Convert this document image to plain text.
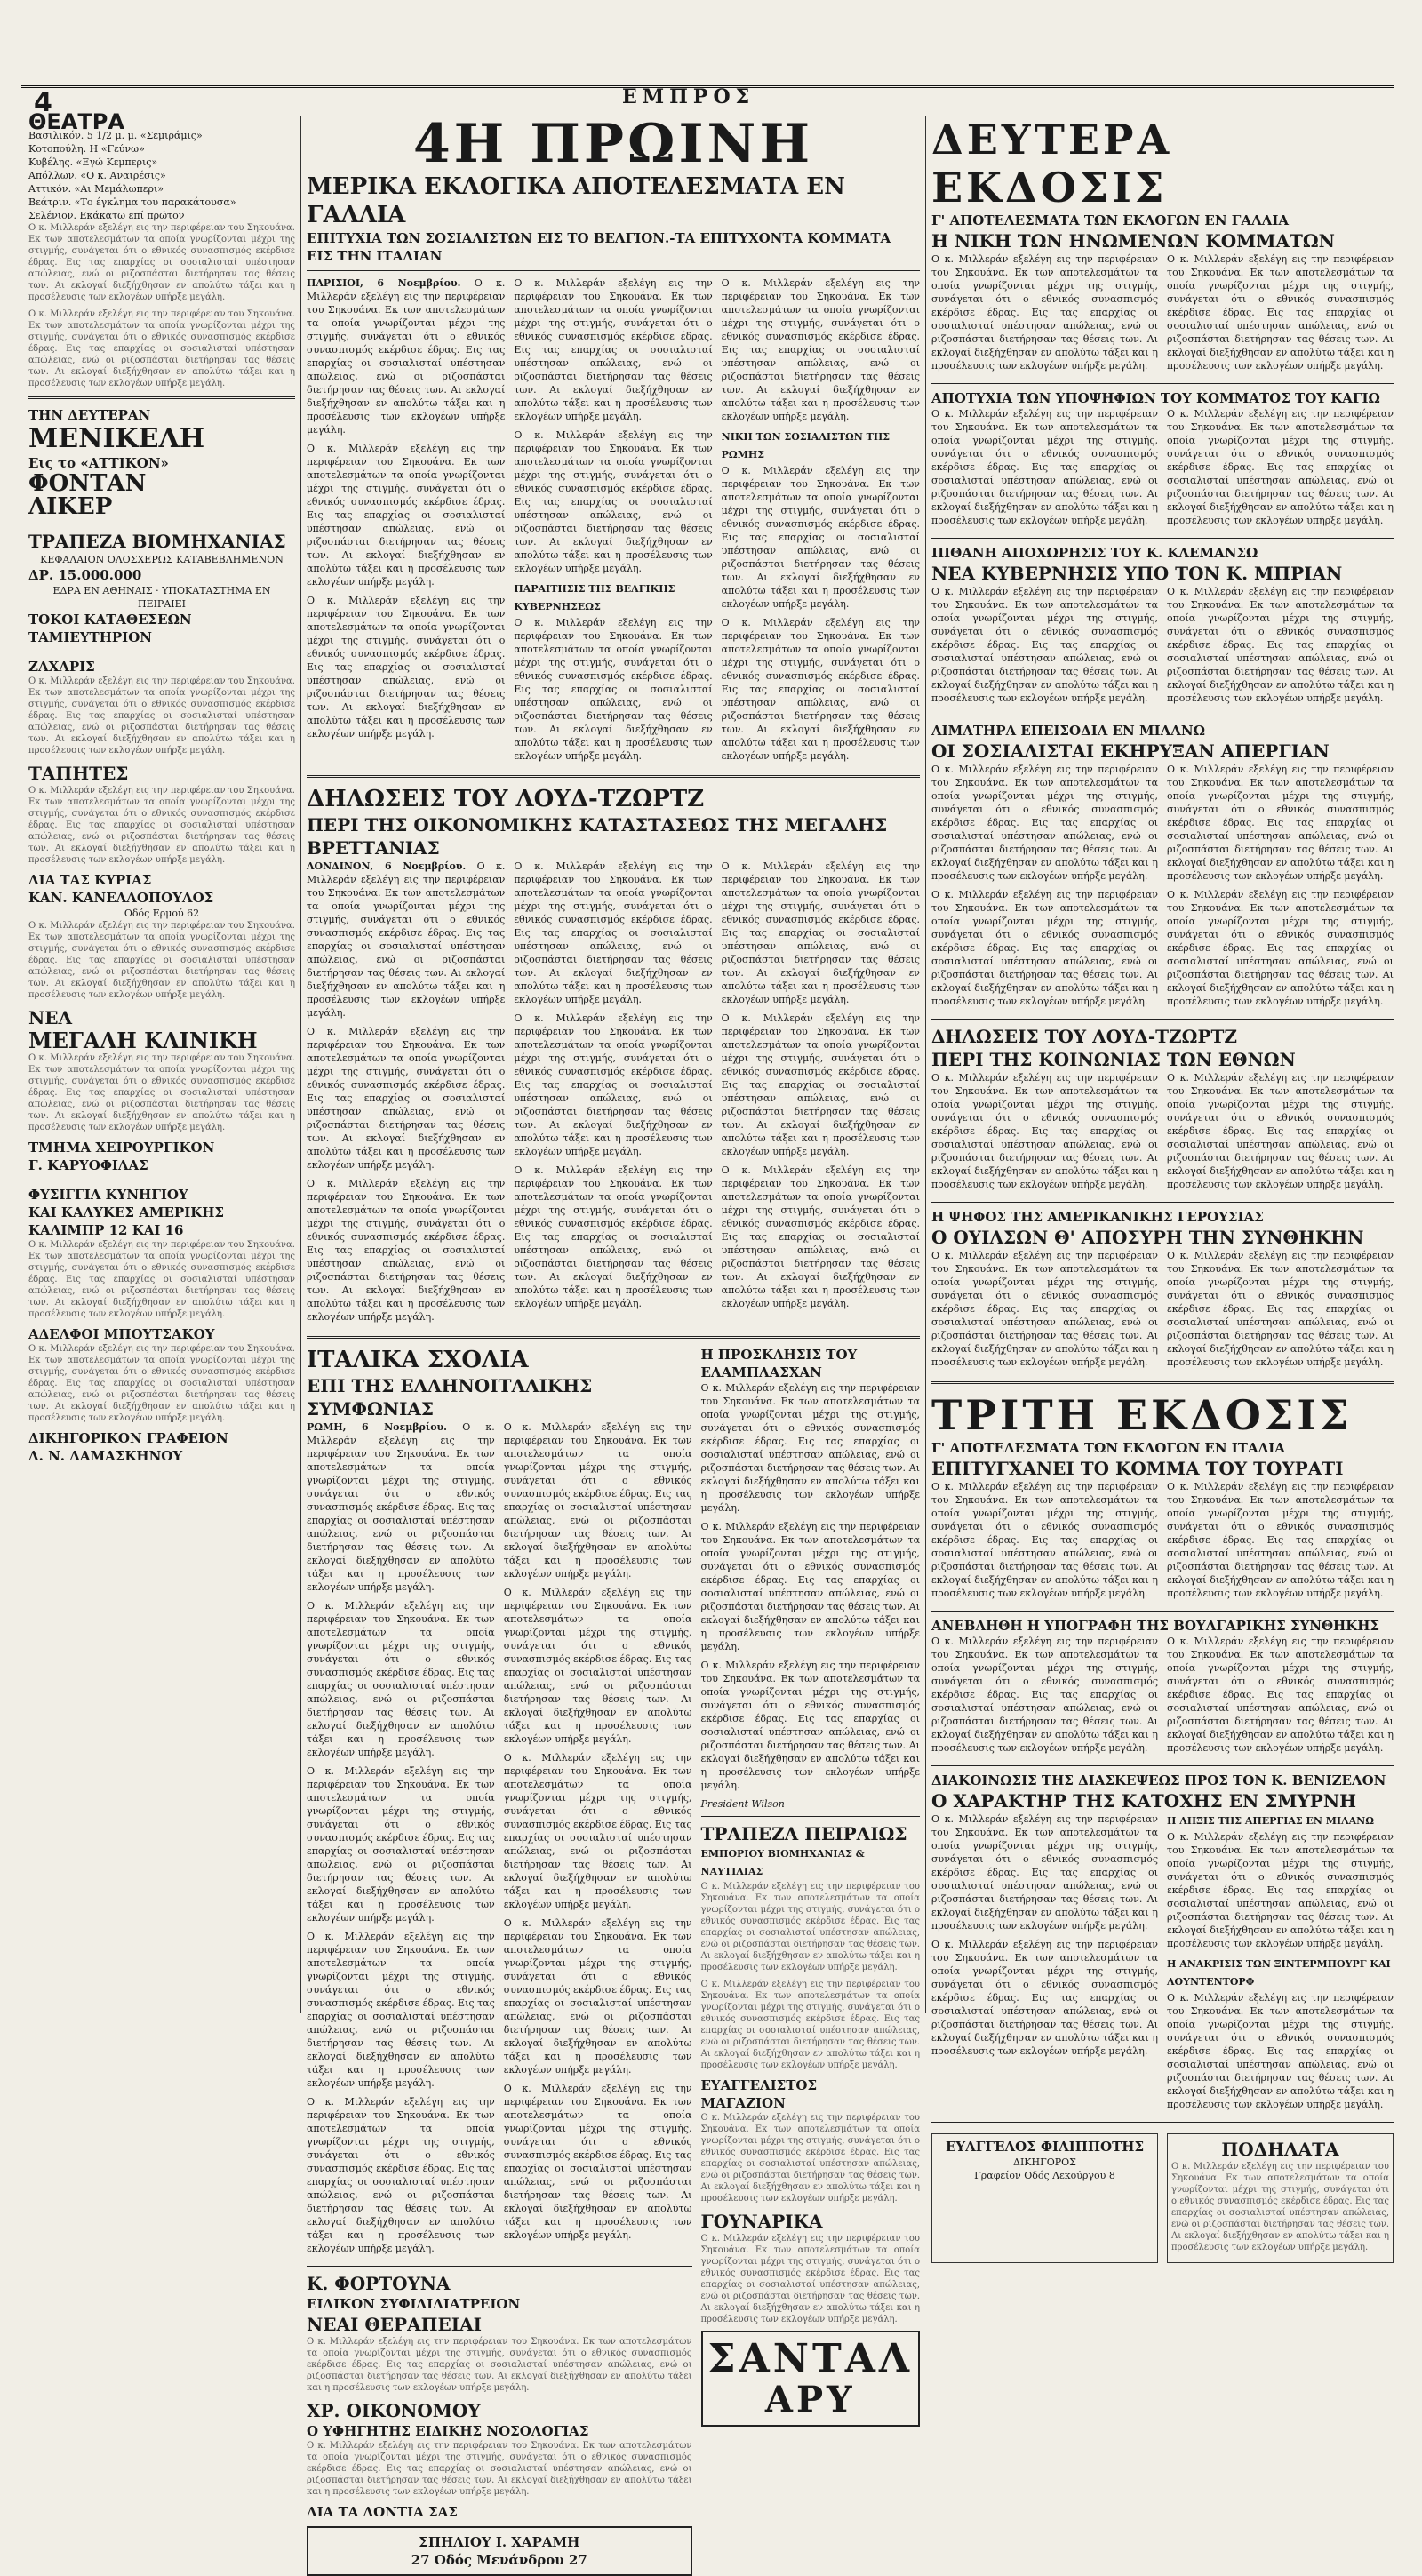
4	ΕΜΠΡΟΣ
ΘΕΑΤΡΑ
Βασιλικόν. 5 1/2 μ. μ. «Σεμιράμις»
Κοτοπούλη. Η «Γεύνω»
Κυβέλης. «Εγώ Κεμπερις»
Απόλλων. «Ο κ. Αναιρέσις»
Αττικόν. «Αι Μεμάλωπερι»
Βεάτριν. «Το έγκλημα του παρακάτουσα»
Σελένιον. Εκάκατω επί πρώτον

Ο κ. Μιλλεράν εξελέγη εις την περιφέρειαν του Σηκουάνα. Εκ των αποτελεσμάτων τα οποία γνωρίζονται μέχρι της στιγμής, συνάγεται ότι ο εθνικός συνασπισμός εκέρδισε έδρας. Εις τας επαρχίας οι σοσιαλισταί υπέστησαν απώλειας, ενώ οι ριζοσπάσται διετήρησαν τας θέσεις των. Αι εκλογαί διεξήχθησαν εν απολύτω τάξει και η προσέλευσις των εκλογέων υπήρξε μεγάλη.

Ο κ. Μιλλεράν εξελέγη εις την περιφέρειαν του Σηκουάνα. Εκ των αποτελεσμάτων τα οποία γνωρίζονται μέχρι της στιγμής, συνάγεται ότι ο εθνικός συνασπισμός εκέρδισε έδρας. Εις τας επαρχίας οι σοσιαλισταί υπέστησαν απώλειας, ενώ οι ριζοσπάσται διετήρησαν τας θέσεις των. Αι εκλογαί διεξήχθησαν εν απολύτω τάξει και η προσέλευσις των εκλογέων υπήρξε μεγάλη.

ΤΗΝ ΔΕΥΤΕΡΑΝ
ΜΕΝΙΚΕΛΗ
Εις το «ΑΤΤΙΚΟΝ»
ΦΟΝΤΑΝ
ΛΙΚΕΡ
ΤΡΑΠΕΖΑ ΒΙΟΜΗΧΑΝΙΑΣ
ΚΕΦΑΛΑΙΟΝ ΟΛΟΣΧΕΡΩΣ ΚΑΤΑΒΕΒΛΗΜΕΝΟΝ
ΔΡ. 15.000.000
ΕΔΡΑ ΕΝ ΑΘΗΝΑΙΣ · ΥΠΟΚΑΤΑΣΤΗΜΑ ΕΝ ΠΕΙΡΑΙΕΙ
ΤΟΚΟΙ ΚΑΤΑΘΕΣΕΩΝ
ΤΑΜΙΕΥΤΗΡΙΟΝ
ΖΑΧΑΡΙΣ

Ο κ. Μιλλεράν εξελέγη εις την περιφέρειαν του Σηκουάνα. Εκ των αποτελεσμάτων τα οποία γνωρίζονται μέχρι της στιγμής, συνάγεται ότι ο εθνικός συνασπισμός εκέρδισε έδρας. Εις τας επαρχίας οι σοσιαλισταί υπέστησαν απώλειας, ενώ οι ριζοσπάσται διετήρησαν τας θέσεις των. Αι εκλογαί διεξήχθησαν εν απολύτω τάξει και η προσέλευσις των εκλογέων υπήρξε μεγάλη.

ΤΑΠΗΤΕΣ

Ο κ. Μιλλεράν εξελέγη εις την περιφέρειαν του Σηκουάνα. Εκ των αποτελεσμάτων τα οποία γνωρίζονται μέχρι της στιγμής, συνάγεται ότι ο εθνικός συνασπισμός εκέρδισε έδρας. Εις τας επαρχίας οι σοσιαλισταί υπέστησαν απώλειας, ενώ οι ριζοσπάσται διετήρησαν τας θέσεις των. Αι εκλογαί διεξήχθησαν εν απολύτω τάξει και η προσέλευσις των εκλογέων υπήρξε μεγάλη.

ΔΙΑ ΤΑΣ ΚΥΡΙΑΣ
ΚΑΝ. ΚΑΝΕΛΛΟΠΟΥΛΟΣ
Οδός Ερμού 62

Ο κ. Μιλλεράν εξελέγη εις την περιφέρειαν του Σηκουάνα. Εκ των αποτελεσμάτων τα οποία γνωρίζονται μέχρι της στιγμής, συνάγεται ότι ο εθνικός συνασπισμός εκέρδισε έδρας. Εις τας επαρχίας οι σοσιαλισταί υπέστησαν απώλειας, ενώ οι ριζοσπάσται διετήρησαν τας θέσεις των. Αι εκλογαί διεξήχθησαν εν απολύτω τάξει και η προσέλευσις των εκλογέων υπήρξε μεγάλη.

ΝΕΑ
ΜΕΓΑΛΗ ΚΛΙΝΙΚΗ

Ο κ. Μιλλεράν εξελέγη εις την περιφέρειαν του Σηκουάνα. Εκ των αποτελεσμάτων τα οποία γνωρίζονται μέχρι της στιγμής, συνάγεται ότι ο εθνικός συνασπισμός εκέρδισε έδρας. Εις τας επαρχίας οι σοσιαλισταί υπέστησαν απώλειας, ενώ οι ριζοσπάσται διετήρησαν τας θέσεις των. Αι εκλογαί διεξήχθησαν εν απολύτω τάξει και η προσέλευσις των εκλογέων υπήρξε μεγάλη.

ΤΜΗΜΑ ΧΕΙΡΟΥΡΓΙΚΟΝ
Γ. ΚΑΡΥΟΦΙΛΑΣ
ΦΥΣΙΓΓΙΑ ΚΥΝΗΓΙΟΥ
ΚΑΙ ΚΑΛΥΚΕΣ ΑΜΕΡΙΚΗΣ
ΚΑΛΙΜΠΡ 12 ΚΑΙ 16

Ο κ. Μιλλεράν εξελέγη εις την περιφέρειαν του Σηκουάνα. Εκ των αποτελεσμάτων τα οποία γνωρίζονται μέχρι της στιγμής, συνάγεται ότι ο εθνικός συνασπισμός εκέρδισε έδρας. Εις τας επαρχίας οι σοσιαλισταί υπέστησαν απώλειας, ενώ οι ριζοσπάσται διετήρησαν τας θέσεις των. Αι εκλογαί διεξήχθησαν εν απολύτω τάξει και η προσέλευσις των εκλογέων υπήρξε μεγάλη.

ΑΔΕΛΦΟΙ ΜΠΟΥΤΣΑΚΟΥ

Ο κ. Μιλλεράν εξελέγη εις την περιφέρειαν του Σηκουάνα. Εκ των αποτελεσμάτων τα οποία γνωρίζονται μέχρι της στιγμής, συνάγεται ότι ο εθνικός συνασπισμός εκέρδισε έδρας. Εις τας επαρχίας οι σοσιαλισταί υπέστησαν απώλειας, ενώ οι ριζοσπάσται διετήρησαν τας θέσεις των. Αι εκλογαί διεξήχθησαν εν απολύτω τάξει και η προσέλευσις των εκλογέων υπήρξε μεγάλη.

ΔΙΚΗΓΟΡΙΚΟΝ ΓΡΑΦΕΙΟΝ
Δ. Ν. ΔΑΜΑΣΚΗΝΟΥ
4Η ΠΡΩΙΝΗ
ΜΕΡΙΚΑ ΕΚΛΟΓΙΚΑ ΑΠΟΤΕΛΕΣΜΑΤΑ ΕΝ ΓΑΛΛΙΑ
ΕΠΙΤΥΧΙΑ ΤΩΝ ΣΟΣΙΑΛΙΣΤΩΝ ΕΙΣ ΤΟ ΒΕΛΓΙΟΝ.-ΤΑ ΕΠΙΤΥΧΟΝΤΑ ΚΟΜΜΑΤΑ ΕΙΣ ΤΗΝ ΙΤΑΛΙΑΝ

ΠΑΡΙΣΙΟΙ, 6 Νοεμβρίου. Ο κ. Μιλλεράν εξελέγη εις την περιφέρειαν του Σηκουάνα. Εκ των αποτελεσμάτων τα οποία γνωρίζονται μέχρι της στιγμής, συνάγεται ότι ο εθνικός συνασπισμός εκέρδισε έδρας. Εις τας επαρχίας οι σοσιαλισταί υπέστησαν απώλειας, ενώ οι ριζοσπάσται διετήρησαν τας θέσεις των. Αι εκλογαί διεξήχθησαν εν απολύτω τάξει και η προσέλευσις των εκλογέων υπήρξε μεγάλη.

Ο κ. Μιλλεράν εξελέγη εις την περιφέρειαν του Σηκουάνα. Εκ των αποτελεσμάτων τα οποία γνωρίζονται μέχρι της στιγμής, συνάγεται ότι ο εθνικός συνασπισμός εκέρδισε έδρας. Εις τας επαρχίας οι σοσιαλισταί υπέστησαν απώλειας, ενώ οι ριζοσπάσται διετήρησαν τας θέσεις των. Αι εκλογαί διεξήχθησαν εν απολύτω τάξει και η προσέλευσις των εκλογέων υπήρξε μεγάλη.

Ο κ. Μιλλεράν εξελέγη εις την περιφέρειαν του Σηκουάνα. Εκ των αποτελεσμάτων τα οποία γνωρίζονται μέχρι της στιγμής, συνάγεται ότι ο εθνικός συνασπισμός εκέρδισε έδρας. Εις τας επαρχίας οι σοσιαλισταί υπέστησαν απώλειας, ενώ οι ριζοσπάσται διετήρησαν τας θέσεις των. Αι εκλογαί διεξήχθησαν εν απολύτω τάξει και η προσέλευσις των εκλογέων υπήρξε μεγάλη.

Ο κ. Μιλλεράν εξελέγη εις την περιφέρειαν του Σηκουάνα. Εκ των αποτελεσμάτων τα οποία γνωρίζονται μέχρι της στιγμής, συνάγεται ότι ο εθνικός συνασπισμός εκέρδισε έδρας. Εις τας επαρχίας οι σοσιαλισταί υπέστησαν απώλειας, ενώ οι ριζοσπάσται διετήρησαν τας θέσεις των. Αι εκλογαί διεξήχθησαν εν απολύτω τάξει και η προσέλευσις των εκλογέων υπήρξε μεγάλη.

Ο κ. Μιλλεράν εξελέγη εις την περιφέρειαν του Σηκουάνα. Εκ των αποτελεσμάτων τα οποία γνωρίζονται μέχρι της στιγμής, συνάγεται ότι ο εθνικός συνασπισμός εκέρδισε έδρας. Εις τας επαρχίας οι σοσιαλισταί υπέστησαν απώλειας, ενώ οι ριζοσπάσται διετήρησαν τας θέσεις των. Αι εκλογαί διεξήχθησαν εν απολύτω τάξει και η προσέλευσις των εκλογέων υπήρξε μεγάλη.

ΠΑΡΑΙΤΗΣΙΣ ΤΗΣ ΒΕΛΓΙΚΗΣ ΚΥΒΕΡΝΗΣΕΩΣ

Ο κ. Μιλλεράν εξελέγη εις την περιφέρειαν του Σηκουάνα. Εκ των αποτελεσμάτων τα οποία γνωρίζονται μέχρι της στιγμής, συνάγεται ότι ο εθνικός συνασπισμός εκέρδισε έδρας. Εις τας επαρχίας οι σοσιαλισταί υπέστησαν απώλειας, ενώ οι ριζοσπάσται διετήρησαν τας θέσεις των. Αι εκλογαί διεξήχθησαν εν απολύτω τάξει και η προσέλευσις των εκλογέων υπήρξε μεγάλη.

Ο κ. Μιλλεράν εξελέγη εις την περιφέρειαν του Σηκουάνα. Εκ των αποτελεσμάτων τα οποία γνωρίζονται μέχρι της στιγμής, συνάγεται ότι ο εθνικός συνασπισμός εκέρδισε έδρας. Εις τας επαρχίας οι σοσιαλισταί υπέστησαν απώλειας, ενώ οι ριζοσπάσται διετήρησαν τας θέσεις των. Αι εκλογαί διεξήχθησαν εν απολύτω τάξει και η προσέλευσις των εκλογέων υπήρξε μεγάλη.

ΝΙΚΗ ΤΩΝ ΣΟΣΙΑΛΙΣΤΩΝ ΤΗΣ ΡΩΜΗΣ

Ο κ. Μιλλεράν εξελέγη εις την περιφέρειαν του Σηκουάνα. Εκ των αποτελεσμάτων τα οποία γνωρίζονται μέχρι της στιγμής, συνάγεται ότι ο εθνικός συνασπισμός εκέρδισε έδρας. Εις τας επαρχίας οι σοσιαλισταί υπέστησαν απώλειας, ενώ οι ριζοσπάσται διετήρησαν τας θέσεις των. Αι εκλογαί διεξήχθησαν εν απολύτω τάξει και η προσέλευσις των εκλογέων υπήρξε μεγάλη.

Ο κ. Μιλλεράν εξελέγη εις την περιφέρειαν του Σηκουάνα. Εκ των αποτελεσμάτων τα οποία γνωρίζονται μέχρι της στιγμής, συνάγεται ότι ο εθνικός συνασπισμός εκέρδισε έδρας. Εις τας επαρχίας οι σοσιαλισταί υπέστησαν απώλειας, ενώ οι ριζοσπάσται διετήρησαν τας θέσεις των. Αι εκλογαί διεξήχθησαν εν απολύτω τάξει και η προσέλευσις των εκλογέων υπήρξε μεγάλη.

ΔΗΛΩΣΕΙΣ ΤΟΥ ΛΟΥΔ-ΤΖΩΡΤΖ
ΠΕΡΙ ΤΗΣ ΟΙΚΟΝΟΜΙΚΗΣ ΚΑΤΑΣΤΑΣΕΩΣ ΤΗΣ ΜΕΓΑΛΗΣ ΒΡΕΤΤΑΝΙΑΣ

ΛΟΝΔΙΝΟΝ, 6 Νοεμβρίου. Ο κ. Μιλλεράν εξελέγη εις την περιφέρειαν του Σηκουάνα. Εκ των αποτελεσμάτων τα οποία γνωρίζονται μέχρι της στιγμής, συνάγεται ότι ο εθνικός συνασπισμός εκέρδισε έδρας. Εις τας επαρχίας οι σοσιαλισταί υπέστησαν απώλειας, ενώ οι ριζοσπάσται διετήρησαν τας θέσεις των. Αι εκλογαί διεξήχθησαν εν απολύτω τάξει και η προσέλευσις των εκλογέων υπήρξε μεγάλη.

Ο κ. Μιλλεράν εξελέγη εις την περιφέρειαν του Σηκουάνα. Εκ των αποτελεσμάτων τα οποία γνωρίζονται μέχρι της στιγμής, συνάγεται ότι ο εθνικός συνασπισμός εκέρδισε έδρας. Εις τας επαρχίας οι σοσιαλισταί υπέστησαν απώλειας, ενώ οι ριζοσπάσται διετήρησαν τας θέσεις των. Αι εκλογαί διεξήχθησαν εν απολύτω τάξει και η προσέλευσις των εκλογέων υπήρξε μεγάλη.

Ο κ. Μιλλεράν εξελέγη εις την περιφέρειαν του Σηκουάνα. Εκ των αποτελεσμάτων τα οποία γνωρίζονται μέχρι της στιγμής, συνάγεται ότι ο εθνικός συνασπισμός εκέρδισε έδρας. Εις τας επαρχίας οι σοσιαλισταί υπέστησαν απώλειας, ενώ οι ριζοσπάσται διετήρησαν τας θέσεις των. Αι εκλογαί διεξήχθησαν εν απολύτω τάξει και η προσέλευσις των εκλογέων υπήρξε μεγάλη.

Ο κ. Μιλλεράν εξελέγη εις την περιφέρειαν του Σηκουάνα. Εκ των αποτελεσμάτων τα οποία γνωρίζονται μέχρι της στιγμής, συνάγεται ότι ο εθνικός συνασπισμός εκέρδισε έδρας. Εις τας επαρχίας οι σοσιαλισταί υπέστησαν απώλειας, ενώ οι ριζοσπάσται διετήρησαν τας θέσεις των. Αι εκλογαί διεξήχθησαν εν απολύτω τάξει και η προσέλευσις των εκλογέων υπήρξε μεγάλη.

Ο κ. Μιλλεράν εξελέγη εις την περιφέρειαν του Σηκουάνα. Εκ των αποτελεσμάτων τα οποία γνωρίζονται μέχρι της στιγμής, συνάγεται ότι ο εθνικός συνασπισμός εκέρδισε έδρας. Εις τας επαρχίας οι σοσιαλισταί υπέστησαν απώλειας, ενώ οι ριζοσπάσται διετήρησαν τας θέσεις των. Αι εκλογαί διεξήχθησαν εν απολύτω τάξει και η προσέλευσις των εκλογέων υπήρξε μεγάλη.

Ο κ. Μιλλεράν εξελέγη εις την περιφέρειαν του Σηκουάνα. Εκ των αποτελεσμάτων τα οποία γνωρίζονται μέχρι της στιγμής, συνάγεται ότι ο εθνικός συνασπισμός εκέρδισε έδρας. Εις τας επαρχίας οι σοσιαλισταί υπέστησαν απώλειας, ενώ οι ριζοσπάσται διετήρησαν τας θέσεις των. Αι εκλογαί διεξήχθησαν εν απολύτω τάξει και η προσέλευσις των εκλογέων υπήρξε μεγάλη.

Ο κ. Μιλλεράν εξελέγη εις την περιφέρειαν του Σηκουάνα. Εκ των αποτελεσμάτων τα οποία γνωρίζονται μέχρι της στιγμής, συνάγεται ότι ο εθνικός συνασπισμός εκέρδισε έδρας. Εις τας επαρχίας οι σοσιαλισταί υπέστησαν απώλειας, ενώ οι ριζοσπάσται διετήρησαν τας θέσεις των. Αι εκλογαί διεξήχθησαν εν απολύτω τάξει και η προσέλευσις των εκλογέων υπήρξε μεγάλη.

Ο κ. Μιλλεράν εξελέγη εις την περιφέρειαν του Σηκουάνα. Εκ των αποτελεσμάτων τα οποία γνωρίζονται μέχρι της στιγμής, συνάγεται ότι ο εθνικός συνασπισμός εκέρδισε έδρας. Εις τας επαρχίας οι σοσιαλισταί υπέστησαν απώλειας, ενώ οι ριζοσπάσται διετήρησαν τας θέσεις των. Αι εκλογαί διεξήχθησαν εν απολύτω τάξει και η προσέλευσις των εκλογέων υπήρξε μεγάλη.

Ο κ. Μιλλεράν εξελέγη εις την περιφέρειαν του Σηκουάνα. Εκ των αποτελεσμάτων τα οποία γνωρίζονται μέχρι της στιγμής, συνάγεται ότι ο εθνικός συνασπισμός εκέρδισε έδρας. Εις τας επαρχίας οι σοσιαλισταί υπέστησαν απώλειας, ενώ οι ριζοσπάσται διετήρησαν τας θέσεις των. Αι εκλογαί διεξήχθησαν εν απολύτω τάξει και η προσέλευσις των εκλογέων υπήρξε μεγάλη.

ΙΤΑΛΙΚΑ ΣΧΟΛΙΑ
ΕΠΙ ΤΗΣ ΕΛΛΗΝΟΙΤΑΛΙΚΗΣ ΣΥΜΦΩΝΙΑΣ

ΡΩΜΗ, 6 Νοεμβρίου. Ο κ. Μιλλεράν εξελέγη εις την περιφέρειαν του Σηκουάνα. Εκ των αποτελεσμάτων τα οποία γνωρίζονται μέχρι της στιγμής, συνάγεται ότι ο εθνικός συνασπισμός εκέρδισε έδρας. Εις τας επαρχίας οι σοσιαλισταί υπέστησαν απώλειας, ενώ οι ριζοσπάσται διετήρησαν τας θέσεις των. Αι εκλογαί διεξήχθησαν εν απολύτω τάξει και η προσέλευσις των εκλογέων υπήρξε μεγάλη.

Ο κ. Μιλλεράν εξελέγη εις την περιφέρειαν του Σηκουάνα. Εκ των αποτελεσμάτων τα οποία γνωρίζονται μέχρι της στιγμής, συνάγεται ότι ο εθνικός συνασπισμός εκέρδισε έδρας. Εις τας επαρχίας οι σοσιαλισταί υπέστησαν απώλειας, ενώ οι ριζοσπάσται διετήρησαν τας θέσεις των. Αι εκλογαί διεξήχθησαν εν απολύτω τάξει και η προσέλευσις των εκλογέων υπήρξε μεγάλη.

Ο κ. Μιλλεράν εξελέγη εις την περιφέρειαν του Σηκουάνα. Εκ των αποτελεσμάτων τα οποία γνωρίζονται μέχρι της στιγμής, συνάγεται ότι ο εθνικός συνασπισμός εκέρδισε έδρας. Εις τας επαρχίας οι σοσιαλισταί υπέστησαν απώλειας, ενώ οι ριζοσπάσται διετήρησαν τας θέσεις των. Αι εκλογαί διεξήχθησαν εν απολύτω τάξει και η προσέλευσις των εκλογέων υπήρξε μεγάλη.

Ο κ. Μιλλεράν εξελέγη εις την περιφέρειαν του Σηκουάνα. Εκ των αποτελεσμάτων τα οποία γνωρίζονται μέχρι της στιγμής, συνάγεται ότι ο εθνικός συνασπισμός εκέρδισε έδρας. Εις τας επαρχίας οι σοσιαλισταί υπέστησαν απώλειας, ενώ οι ριζοσπάσται διετήρησαν τας θέσεις των. Αι εκλογαί διεξήχθησαν εν απολύτω τάξει και η προσέλευσις των εκλογέων υπήρξε μεγάλη.

Ο κ. Μιλλεράν εξελέγη εις την περιφέρειαν του Σηκουάνα. Εκ των αποτελεσμάτων τα οποία γνωρίζονται μέχρι της στιγμής, συνάγεται ότι ο εθνικός συνασπισμός εκέρδισε έδρας. Εις τας επαρχίας οι σοσιαλισταί υπέστησαν απώλειας, ενώ οι ριζοσπάσται διετήρησαν τας θέσεις των. Αι εκλογαί διεξήχθησαν εν απολύτω τάξει και η προσέλευσις των εκλογέων υπήρξε μεγάλη.

Ο κ. Μιλλεράν εξελέγη εις την περιφέρειαν του Σηκουάνα. Εκ των αποτελεσμάτων τα οποία γνωρίζονται μέχρι της στιγμής, συνάγεται ότι ο εθνικός συνασπισμός εκέρδισε έδρας. Εις τας επαρχίας οι σοσιαλισταί υπέστησαν απώλειας, ενώ οι ριζοσπάσται διετήρησαν τας θέσεις των. Αι εκλογαί διεξήχθησαν εν απολύτω τάξει και η προσέλευσις των εκλογέων υπήρξε μεγάλη.

Ο κ. Μιλλεράν εξελέγη εις την περιφέρειαν του Σηκουάνα. Εκ των αποτελεσμάτων τα οποία γνωρίζονται μέχρι της στιγμής, συνάγεται ότι ο εθνικός συνασπισμός εκέρδισε έδρας. Εις τας επαρχίας οι σοσιαλισταί υπέστησαν απώλειας, ενώ οι ριζοσπάσται διετήρησαν τας θέσεις των. Αι εκλογαί διεξήχθησαν εν απολύτω τάξει και η προσέλευσις των εκλογέων υπήρξε μεγάλη.

Ο κ. Μιλλεράν εξελέγη εις την περιφέρειαν του Σηκουάνα. Εκ των αποτελεσμάτων τα οποία γνωρίζονται μέχρι της στιγμής, συνάγεται ότι ο εθνικός συνασπισμός εκέρδισε έδρας. Εις τας επαρχίας οι σοσιαλισταί υπέστησαν απώλειας, ενώ οι ριζοσπάσται διετήρησαν τας θέσεις των. Αι εκλογαί διεξήχθησαν εν απολύτω τάξει και η προσέλευσις των εκλογέων υπήρξε μεγάλη.

Ο κ. Μιλλεράν εξελέγη εις την περιφέρειαν του Σηκουάνα. Εκ των αποτελεσμάτων τα οποία γνωρίζονται μέχρι της στιγμής, συνάγεται ότι ο εθνικός συνασπισμός εκέρδισε έδρας. Εις τας επαρχίας οι σοσιαλισταί υπέστησαν απώλειας, ενώ οι ριζοσπάσται διετήρησαν τας θέσεις των. Αι εκλογαί διεξήχθησαν εν απολύτω τάξει και η προσέλευσις των εκλογέων υπήρξε μεγάλη.

Ο κ. Μιλλεράν εξελέγη εις την περιφέρειαν του Σηκουάνα. Εκ των αποτελεσμάτων τα οποία γνωρίζονται μέχρι της στιγμής, συνάγεται ότι ο εθνικός συνασπισμός εκέρδισε έδρας. Εις τας επαρχίας οι σοσιαλισταί υπέστησαν απώλειας, ενώ οι ριζοσπάσται διετήρησαν τας θέσεις των. Αι εκλογαί διεξήχθησαν εν απολύτω τάξει και η προσέλευσις των εκλογέων υπήρξε μεγάλη.

Κ. ΦΟΡΤΟΥΝΑ
ΕΙΔΙΚΟΝ ΣΥΦΙΛΙΔΙΑΤΡΕΙΟΝ
ΝΕΑΙ ΘΕΡΑΠΕΙΑΙ

Ο κ. Μιλλεράν εξελέγη εις την περιφέρειαν του Σηκουάνα. Εκ των αποτελεσμάτων τα οποία γνωρίζονται μέχρι της στιγμής, συνάγεται ότι ο εθνικός συνασπισμός εκέρδισε έδρας. Εις τας επαρχίας οι σοσιαλισταί υπέστησαν απώλειας, ενώ οι ριζοσπάσται διετήρησαν τας θέσεις των. Αι εκλογαί διεξήχθησαν εν απολύτω τάξει και η προσέλευσις των εκλογέων υπήρξε μεγάλη.

ΧΡ. ΟΙΚΟΝΟΜΟΥ
Ο ΥΦΗΓΗΤΗΣ ΕΙΔΙΚΗΣ ΝΟΣΟΛΟΓΙΑΣ

Ο κ. Μιλλεράν εξελέγη εις την περιφέρειαν του Σηκουάνα. Εκ των αποτελεσμάτων τα οποία γνωρίζονται μέχρι της στιγμής, συνάγεται ότι ο εθνικός συνασπισμός εκέρδισε έδρας. Εις τας επαρχίας οι σοσιαλισταί υπέστησαν απώλειας, ενώ οι ριζοσπάσται διετήρησαν τας θέσεις των. Αι εκλογαί διεξήχθησαν εν απολύτω τάξει και η προσέλευσις των εκλογέων υπήρξε μεγάλη.

ΔΙΑ ΤΑ ΔΟΝΤΙΑ ΣΑΣ
ΣΠΗΛΙΟΥ Ι. ΧΑΡΑΜΗ
27 Οδός Μενάνδρου 27
Η ΠΡΟΣΚΛΗΣΙΣ ΤΟΥ ΕΛΑΜΠΛΑΣΧΑΝ

Ο κ. Μιλλεράν εξελέγη εις την περιφέρειαν του Σηκουάνα. Εκ των αποτελεσμάτων τα οποία γνωρίζονται μέχρι της στιγμής, συνάγεται ότι ο εθνικός συνασπισμός εκέρδισε έδρας. Εις τας επαρχίας οι σοσιαλισταί υπέστησαν απώλειας, ενώ οι ριζοσπάσται διετήρησαν τας θέσεις των. Αι εκλογαί διεξήχθησαν εν απολύτω τάξει και η προσέλευσις των εκλογέων υπήρξε μεγάλη.

Ο κ. Μιλλεράν εξελέγη εις την περιφέρειαν του Σηκουάνα. Εκ των αποτελεσμάτων τα οποία γνωρίζονται μέχρι της στιγμής, συνάγεται ότι ο εθνικός συνασπισμός εκέρδισε έδρας. Εις τας επαρχίας οι σοσιαλισταί υπέστησαν απώλειας, ενώ οι ριζοσπάσται διετήρησαν τας θέσεις των. Αι εκλογαί διεξήχθησαν εν απολύτω τάξει και η προσέλευσις των εκλογέων υπήρξε μεγάλη.

Ο κ. Μιλλεράν εξελέγη εις την περιφέρειαν του Σηκουάνα. Εκ των αποτελεσμάτων τα οποία γνωρίζονται μέχρι της στιγμής, συνάγεται ότι ο εθνικός συνασπισμός εκέρδισε έδρας. Εις τας επαρχίας οι σοσιαλισταί υπέστησαν απώλειας, ενώ οι ριζοσπάσται διετήρησαν τας θέσεις των. Αι εκλογαί διεξήχθησαν εν απολύτω τάξει και η προσέλευσις των εκλογέων υπήρξε μεγάλη.

President Wilson

ΤΡΑΠΕΖΑ ΠΕΙΡΑΙΩΣ
ΕΜΠΟΡΙΟΥ ΒΙΟΜΗΧΑΝΙΑΣ & ΝΑΥΤΙΛΙΑΣ

Ο κ. Μιλλεράν εξελέγη εις την περιφέρειαν του Σηκουάνα. Εκ των αποτελεσμάτων τα οποία γνωρίζονται μέχρι της στιγμής, συνάγεται ότι ο εθνικός συνασπισμός εκέρδισε έδρας. Εις τας επαρχίας οι σοσιαλισταί υπέστησαν απώλειας, ενώ οι ριζοσπάσται διετήρησαν τας θέσεις των. Αι εκλογαί διεξήχθησαν εν απολύτω τάξει και η προσέλευσις των εκλογέων υπήρξε μεγάλη.

Ο κ. Μιλλεράν εξελέγη εις την περιφέρειαν του Σηκουάνα. Εκ των αποτελεσμάτων τα οποία γνωρίζονται μέχρι της στιγμής, συνάγεται ότι ο εθνικός συνασπισμός εκέρδισε έδρας. Εις τας επαρχίας οι σοσιαλισταί υπέστησαν απώλειας, ενώ οι ριζοσπάσται διετήρησαν τας θέσεις των. Αι εκλογαί διεξήχθησαν εν απολύτω τάξει και η προσέλευσις των εκλογέων υπήρξε μεγάλη.

ΕΥΑΓΓΕΛΙΣΤΟΣ
ΜΑΓΑΖΙΟΝ

Ο κ. Μιλλεράν εξελέγη εις την περιφέρειαν του Σηκουάνα. Εκ των αποτελεσμάτων τα οποία γνωρίζονται μέχρι της στιγμής, συνάγεται ότι ο εθνικός συνασπισμός εκέρδισε έδρας. Εις τας επαρχίας οι σοσιαλισταί υπέστησαν απώλειας, ενώ οι ριζοσπάσται διετήρησαν τας θέσεις των. Αι εκλογαί διεξήχθησαν εν απολύτω τάξει και η προσέλευσις των εκλογέων υπήρξε μεγάλη.

ΓΟΥΝΑΡΙΚΑ

Ο κ. Μιλλεράν εξελέγη εις την περιφέρειαν του Σηκουάνα. Εκ των αποτελεσμάτων τα οποία γνωρίζονται μέχρι της στιγμής, συνάγεται ότι ο εθνικός συνασπισμός εκέρδισε έδρας. Εις τας επαρχίας οι σοσιαλισταί υπέστησαν απώλειας, ενώ οι ριζοσπάσται διετήρησαν τας θέσεις των. Αι εκλογαί διεξήχθησαν εν απολύτω τάξει και η προσέλευσις των εκλογέων υπήρξε μεγάλη.

ΣΑΝΤΑΛ
ΑΡΥ
ΔΕΥΤΕΡΑ ΕΚΔΟΣΙΣ
Γ' ΑΠΟΤΕΛΕΣΜΑΤΑ ΤΩΝ ΕΚΛΟΓΩΝ ΕΝ ΓΑΛΛΙΑ
Η ΝΙΚΗ ΤΩΝ ΗΝΩΜΕΝΩΝ ΚΟΜΜΑΤΩΝ

Ο κ. Μιλλεράν εξελέγη εις την περιφέρειαν του Σηκουάνα. Εκ των αποτελεσμάτων τα οποία γνωρίζονται μέχρι της στιγμής, συνάγεται ότι ο εθνικός συνασπισμός εκέρδισε έδρας. Εις τας επαρχίας οι σοσιαλισταί υπέστησαν απώλειας, ενώ οι ριζοσπάσται διετήρησαν τας θέσεις των. Αι εκλογαί διεξήχθησαν εν απολύτω τάξει και η προσέλευσις των εκλογέων υπήρξε μεγάλη.

Ο κ. Μιλλεράν εξελέγη εις την περιφέρειαν του Σηκουάνα. Εκ των αποτελεσμάτων τα οποία γνωρίζονται μέχρι της στιγμής, συνάγεται ότι ο εθνικός συνασπισμός εκέρδισε έδρας. Εις τας επαρχίας οι σοσιαλισταί υπέστησαν απώλειας, ενώ οι ριζοσπάσται διετήρησαν τας θέσεις των. Αι εκλογαί διεξήχθησαν εν απολύτω τάξει και η προσέλευσις των εκλογέων υπήρξε μεγάλη.

ΑΠΟΤΥΧΙΑ ΤΩΝ ΥΠΟΨΗΦΙΩΝ ΤΟΥ ΚΟΜΜΑΤΟΣ ΤΟΥ ΚΑΓΙΩ

Ο κ. Μιλλεράν εξελέγη εις την περιφέρειαν του Σηκουάνα. Εκ των αποτελεσμάτων τα οποία γνωρίζονται μέχρι της στιγμής, συνάγεται ότι ο εθνικός συνασπισμός εκέρδισε έδρας. Εις τας επαρχίας οι σοσιαλισταί υπέστησαν απώλειας, ενώ οι ριζοσπάσται διετήρησαν τας θέσεις των. Αι εκλογαί διεξήχθησαν εν απολύτω τάξει και η προσέλευσις των εκλογέων υπήρξε μεγάλη.

Ο κ. Μιλλεράν εξελέγη εις την περιφέρειαν του Σηκουάνα. Εκ των αποτελεσμάτων τα οποία γνωρίζονται μέχρι της στιγμής, συνάγεται ότι ο εθνικός συνασπισμός εκέρδισε έδρας. Εις τας επαρχίας οι σοσιαλισταί υπέστησαν απώλειας, ενώ οι ριζοσπάσται διετήρησαν τας θέσεις των. Αι εκλογαί διεξήχθησαν εν απολύτω τάξει και η προσέλευσις των εκλογέων υπήρξε μεγάλη.

ΠΙΘΑΝΗ ΑΠΟΧΩΡΗΣΙΣ ΤΟΥ Κ. ΚΛΕΜΑΝΣΩ
ΝΕΑ ΚΥΒΕΡΝΗΣΙΣ ΥΠΟ ΤΟΝ Κ. ΜΠΡΙΑΝ

Ο κ. Μιλλεράν εξελέγη εις την περιφέρειαν του Σηκουάνα. Εκ των αποτελεσμάτων τα οποία γνωρίζονται μέχρι της στιγμής, συνάγεται ότι ο εθνικός συνασπισμός εκέρδισε έδρας. Εις τας επαρχίας οι σοσιαλισταί υπέστησαν απώλειας, ενώ οι ριζοσπάσται διετήρησαν τας θέσεις των. Αι εκλογαί διεξήχθησαν εν απολύτω τάξει και η προσέλευσις των εκλογέων υπήρξε μεγάλη.

Ο κ. Μιλλεράν εξελέγη εις την περιφέρειαν του Σηκουάνα. Εκ των αποτελεσμάτων τα οποία γνωρίζονται μέχρι της στιγμής, συνάγεται ότι ο εθνικός συνασπισμός εκέρδισε έδρας. Εις τας επαρχίας οι σοσιαλισταί υπέστησαν απώλειας, ενώ οι ριζοσπάσται διετήρησαν τας θέσεις των. Αι εκλογαί διεξήχθησαν εν απολύτω τάξει και η προσέλευσις των εκλογέων υπήρξε μεγάλη.

ΑΙΜΑΤΗΡΑ ΕΠΕΙΣΟΔΙΑ ΕΝ ΜΙΛΑΝΩ
ΟΙ ΣΟΣΙΑΛΙΣΤΑΙ ΕΚΗΡΥΞΑΝ ΑΠΕΡΓΙΑΝ

Ο κ. Μιλλεράν εξελέγη εις την περιφέρειαν του Σηκουάνα. Εκ των αποτελεσμάτων τα οποία γνωρίζονται μέχρι της στιγμής, συνάγεται ότι ο εθνικός συνασπισμός εκέρδισε έδρας. Εις τας επαρχίας οι σοσιαλισταί υπέστησαν απώλειας, ενώ οι ριζοσπάσται διετήρησαν τας θέσεις των. Αι εκλογαί διεξήχθησαν εν απολύτω τάξει και η προσέλευσις των εκλογέων υπήρξε μεγάλη.

Ο κ. Μιλλεράν εξελέγη εις την περιφέρειαν του Σηκουάνα. Εκ των αποτελεσμάτων τα οποία γνωρίζονται μέχρι της στιγμής, συνάγεται ότι ο εθνικός συνασπισμός εκέρδισε έδρας. Εις τας επαρχίας οι σοσιαλισταί υπέστησαν απώλειας, ενώ οι ριζοσπάσται διετήρησαν τας θέσεις των. Αι εκλογαί διεξήχθησαν εν απολύτω τάξει και η προσέλευσις των εκλογέων υπήρξε μεγάλη.

Ο κ. Μιλλεράν εξελέγη εις την περιφέρειαν του Σηκουάνα. Εκ των αποτελεσμάτων τα οποία γνωρίζονται μέχρι της στιγμής, συνάγεται ότι ο εθνικός συνασπισμός εκέρδισε έδρας. Εις τας επαρχίας οι σοσιαλισταί υπέστησαν απώλειας, ενώ οι ριζοσπάσται διετήρησαν τας θέσεις των. Αι εκλογαί διεξήχθησαν εν απολύτω τάξει και η προσέλευσις των εκλογέων υπήρξε μεγάλη.

Ο κ. Μιλλεράν εξελέγη εις την περιφέρειαν του Σηκουάνα. Εκ των αποτελεσμάτων τα οποία γνωρίζονται μέχρι της στιγμής, συνάγεται ότι ο εθνικός συνασπισμός εκέρδισε έδρας. Εις τας επαρχίας οι σοσιαλισταί υπέστησαν απώλειας, ενώ οι ριζοσπάσται διετήρησαν τας θέσεις των. Αι εκλογαί διεξήχθησαν εν απολύτω τάξει και η προσέλευσις των εκλογέων υπήρξε μεγάλη.

ΔΗΛΩΣΕΙΣ ΤΟΥ ΛΟΥΔ-ΤΖΩΡΤΖ
ΠΕΡΙ ΤΗΣ ΚΟΙΝΩΝΙΑΣ ΤΩΝ ΕΘΝΩΝ

Ο κ. Μιλλεράν εξελέγη εις την περιφέρειαν του Σηκουάνα. Εκ των αποτελεσμάτων τα οποία γνωρίζονται μέχρι της στιγμής, συνάγεται ότι ο εθνικός συνασπισμός εκέρδισε έδρας. Εις τας επαρχίας οι σοσιαλισταί υπέστησαν απώλειας, ενώ οι ριζοσπάσται διετήρησαν τας θέσεις των. Αι εκλογαί διεξήχθησαν εν απολύτω τάξει και η προσέλευσις των εκλογέων υπήρξε μεγάλη.

Ο κ. Μιλλεράν εξελέγη εις την περιφέρειαν του Σηκουάνα. Εκ των αποτελεσμάτων τα οποία γνωρίζονται μέχρι της στιγμής, συνάγεται ότι ο εθνικός συνασπισμός εκέρδισε έδρας. Εις τας επαρχίας οι σοσιαλισταί υπέστησαν απώλειας, ενώ οι ριζοσπάσται διετήρησαν τας θέσεις των. Αι εκλογαί διεξήχθησαν εν απολύτω τάξει και η προσέλευσις των εκλογέων υπήρξε μεγάλη.

Η ΨΗΦΟΣ ΤΗΣ ΑΜΕΡΙΚΑΝΙΚΗΣ ΓΕΡΟΥΣΙΑΣ
Ο ΟΥΙΛΣΩΝ Θ' ΑΠΟΣΥΡΗ ΤΗΝ ΣΥΝΘΗΚΗΝ

Ο κ. Μιλλεράν εξελέγη εις την περιφέρειαν του Σηκουάνα. Εκ των αποτελεσμάτων τα οποία γνωρίζονται μέχρι της στιγμής, συνάγεται ότι ο εθνικός συνασπισμός εκέρδισε έδρας. Εις τας επαρχίας οι σοσιαλισταί υπέστησαν απώλειας, ενώ οι ριζοσπάσται διετήρησαν τας θέσεις των. Αι εκλογαί διεξήχθησαν εν απολύτω τάξει και η προσέλευσις των εκλογέων υπήρξε μεγάλη.

Ο κ. Μιλλεράν εξελέγη εις την περιφέρειαν του Σηκουάνα. Εκ των αποτελεσμάτων τα οποία γνωρίζονται μέχρι της στιγμής, συνάγεται ότι ο εθνικός συνασπισμός εκέρδισε έδρας. Εις τας επαρχίας οι σοσιαλισταί υπέστησαν απώλειας, ενώ οι ριζοσπάσται διετήρησαν τας θέσεις των. Αι εκλογαί διεξήχθησαν εν απολύτω τάξει και η προσέλευσις των εκλογέων υπήρξε μεγάλη.

ΤΡΙΤΗ ΕΚΔΟΣΙΣ
Γ' ΑΠΟΤΕΛΕΣΜΑΤΑ ΤΩΝ ΕΚΛΟΓΩΝ ΕΝ ΙΤΑΛΙΑ
ΕΠΙΤΥΓΧΑΝΕΙ ΤΟ ΚΟΜΜΑ ΤΟΥ ΤΟΥΡΑΤΙ

Ο κ. Μιλλεράν εξελέγη εις την περιφέρειαν του Σηκουάνα. Εκ των αποτελεσμάτων τα οποία γνωρίζονται μέχρι της στιγμής, συνάγεται ότι ο εθνικός συνασπισμός εκέρδισε έδρας. Εις τας επαρχίας οι σοσιαλισταί υπέστησαν απώλειας, ενώ οι ριζοσπάσται διετήρησαν τας θέσεις των. Αι εκλογαί διεξήχθησαν εν απολύτω τάξει και η προσέλευσις των εκλογέων υπήρξε μεγάλη.

Ο κ. Μιλλεράν εξελέγη εις την περιφέρειαν του Σηκουάνα. Εκ των αποτελεσμάτων τα οποία γνωρίζονται μέχρι της στιγμής, συνάγεται ότι ο εθνικός συνασπισμός εκέρδισε έδρας. Εις τας επαρχίας οι σοσιαλισταί υπέστησαν απώλειας, ενώ οι ριζοσπάσται διετήρησαν τας θέσεις των. Αι εκλογαί διεξήχθησαν εν απολύτω τάξει και η προσέλευσις των εκλογέων υπήρξε μεγάλη.

ΑΝΕΒΛΗΘΗ Η ΥΠΟΓΡΑΦΗ ΤΗΣ ΒΟΥΛΓΑΡΙΚΗΣ ΣΥΝΘΗΚΗΣ

Ο κ. Μιλλεράν εξελέγη εις την περιφέρειαν του Σηκουάνα. Εκ των αποτελεσμάτων τα οποία γνωρίζονται μέχρι της στιγμής, συνάγεται ότι ο εθνικός συνασπισμός εκέρδισε έδρας. Εις τας επαρχίας οι σοσιαλισταί υπέστησαν απώλειας, ενώ οι ριζοσπάσται διετήρησαν τας θέσεις των. Αι εκλογαί διεξήχθησαν εν απολύτω τάξει και η προσέλευσις των εκλογέων υπήρξε μεγάλη.

Ο κ. Μιλλεράν εξελέγη εις την περιφέρειαν του Σηκουάνα. Εκ των αποτελεσμάτων τα οποία γνωρίζονται μέχρι της στιγμής, συνάγεται ότι ο εθνικός συνασπισμός εκέρδισε έδρας. Εις τας επαρχίας οι σοσιαλισταί υπέστησαν απώλειας, ενώ οι ριζοσπάσται διετήρησαν τας θέσεις των. Αι εκλογαί διεξήχθησαν εν απολύτω τάξει και η προσέλευσις των εκλογέων υπήρξε μεγάλη.

ΔΙΑΚΟΙΝΩΣΙΣ ΤΗΣ ΔΙΑΣΚΕΨΕΩΣ ΠΡΟΣ ΤΟΝ Κ. ΒΕΝΙΖΕΛΟΝ
Ο ΧΑΡΑΚΤΗΡ ΤΗΣ ΚΑΤΟΧΗΣ ΕΝ ΣΜΥΡΝΗ

Ο κ. Μιλλεράν εξελέγη εις την περιφέρειαν του Σηκουάνα. Εκ των αποτελεσμάτων τα οποία γνωρίζονται μέχρι της στιγμής, συνάγεται ότι ο εθνικός συνασπισμός εκέρδισε έδρας. Εις τας επαρχίας οι σοσιαλισταί υπέστησαν απώλειας, ενώ οι ριζοσπάσται διετήρησαν τας θέσεις των. Αι εκλογαί διεξήχθησαν εν απολύτω τάξει και η προσέλευσις των εκλογέων υπήρξε μεγάλη.

Ο κ. Μιλλεράν εξελέγη εις την περιφέρειαν του Σηκουάνα. Εκ των αποτελεσμάτων τα οποία γνωρίζονται μέχρι της στιγμής, συνάγεται ότι ο εθνικός συνασπισμός εκέρδισε έδρας. Εις τας επαρχίας οι σοσιαλισταί υπέστησαν απώλειας, ενώ οι ριζοσπάσται διετήρησαν τας θέσεις των. Αι εκλογαί διεξήχθησαν εν απολύτω τάξει και η προσέλευσις των εκλογέων υπήρξε μεγάλη.

Η ΛΗΞΙΣ ΤΗΣ ΑΠΕΡΓΙΑΣ ΕΝ ΜΙΛΑΝΩ

Ο κ. Μιλλεράν εξελέγη εις την περιφέρειαν του Σηκουάνα. Εκ των αποτελεσμάτων τα οποία γνωρίζονται μέχρι της στιγμής, συνάγεται ότι ο εθνικός συνασπισμός εκέρδισε έδρας. Εις τας επαρχίας οι σοσιαλισταί υπέστησαν απώλειας, ενώ οι ριζοσπάσται διετήρησαν τας θέσεις των. Αι εκλογαί διεξήχθησαν εν απολύτω τάξει και η προσέλευσις των εκλογέων υπήρξε μεγάλη.

Η ΑΝΑΚΡΙΣΙΣ ΤΩΝ ΞΙΝΤΕΡΜΠΟΥΡΓ ΚΑΙ ΛΟΥΝΤΕΝΤΟΡΦ

Ο κ. Μιλλεράν εξελέγη εις την περιφέρειαν του Σηκουάνα. Εκ των αποτελεσμάτων τα οποία γνωρίζονται μέχρι της στιγμής, συνάγεται ότι ο εθνικός συνασπισμός εκέρδισε έδρας. Εις τας επαρχίας οι σοσιαλισταί υπέστησαν απώλειας, ενώ οι ριζοσπάσται διετήρησαν τας θέσεις των. Αι εκλογαί διεξήχθησαν εν απολύτω τάξει και η προσέλευσις των εκλογέων υπήρξε μεγάλη.

ΕΥΑΓΓΕΛΟΣ ΦΙΛΙΠΠΟΤΗΣ
ΔΙΚΗΓΟΡΟΣ
Γραφείον Οδός Λεκούργου 8
ΠΟΔΗΛΑΤΑ

Ο κ. Μιλλεράν εξελέγη εις την περιφέρειαν του Σηκουάνα. Εκ των αποτελεσμάτων τα οποία γνωρίζονται μέχρι της στιγμής, συνάγεται ότι ο εθνικός συνασπισμός εκέρδισε έδρας. Εις τας επαρχίας οι σοσιαλισταί υπέστησαν απώλειας, ενώ οι ριζοσπάσται διετήρησαν τας θέσεις των. Αι εκλογαί διεξήχθησαν εν απολύτω τάξει και η προσέλευσις των εκλογέων υπήρξε μεγάλη.
